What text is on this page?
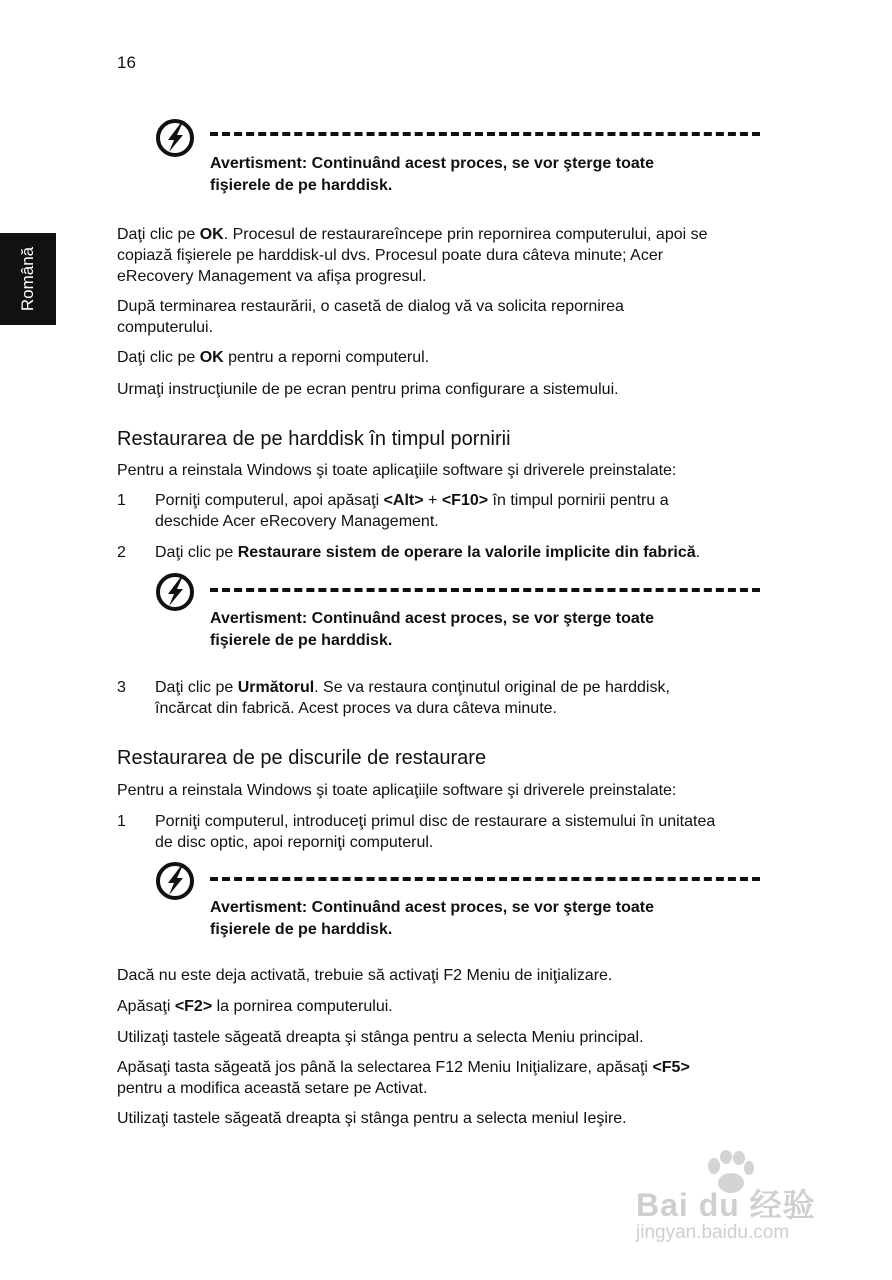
16
Română
Avertisment: Continuând acest proces, se vor şterge toate
fişierele de pe harddisk.
Daţi clic pe OK. Procesul de restaurareîncepe prin repornirea computerului, apoi se
copiază fişierele pe harddisk-ul dvs. Procesul poate dura câteva minute; Acer
eRecovery Management va afişa progresul.
După terminarea restaurării, o casetă de dialog vă va solicita repornirea
computerului.
Daţi clic pe OK pentru a reporni computerul.
Urmaţi instrucţiunile de pe ecran pentru prima configurare a sistemului.
Restaurarea de pe harddisk în timpul pornirii
Pentru a reinstala Windows şi toate aplicaţiile software şi driverele preinstalate:
1	Porniţi computerul, apoi apăsaţi <Alt> + <F10> în timpul pornirii pentru a
deschide Acer eRecovery Management.
2	Daţi clic pe Restaurare sistem de operare la valorile implicite din fabrică.
Avertisment: Continuând acest proces, se vor şterge toate
fişierele de pe harddisk.
3	Daţi clic pe Următorul. Se va restaura conţinutul original de pe harddisk,
încărcat din fabrică. Acest proces va dura câteva minute.
Restaurarea de pe discurile de restaurare
Pentru a reinstala Windows şi toate aplicaţiile software şi driverele preinstalate:
1	Porniţi computerul, introduceţi primul disc de restaurare a sistemului în unitatea
de disc optic, apoi reporniţi computerul.
Avertisment: Continuând acest proces, se vor şterge toate
fişierele de pe harddisk.
Dacă nu este deja activată, trebuie să activaţi F2 Meniu de iniţializare.
Apăsaţi <F2> la pornirea computerului.
Utilizaţi tastele săgeată dreapta şi stânga pentru a selecta Meniu principal.
Apăsaţi tasta săgeată jos până la selectarea F12 Meniu Iniţializare, apăsaţi <F5>
pentru a modifica această setare pe Activat.
Utilizaţi tastele săgeată dreapta şi stânga pentru a selecta meniul Ieşire.
Bai du 经验
jingyan.baidu.com
